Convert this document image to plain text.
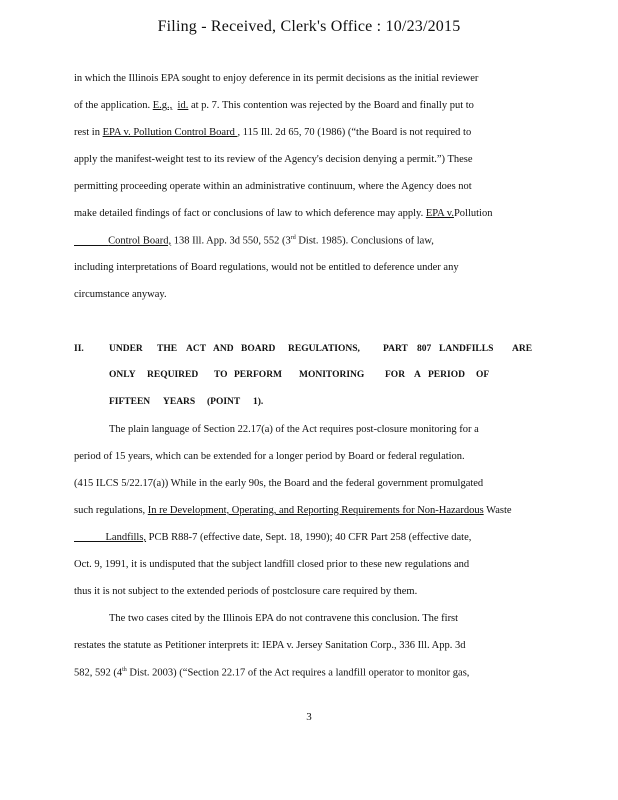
Filing - Received, Clerk's Office : 10/23/2015
in which the Illinois EPA sought to enjoy deference in its permit decisions as the initial reviewer
of the application. E.g., id. at p. 7. This contention was rejected by the Board and finally put to
rest in EPA v. Pollution Control Board , 115 Ill. 2d 65, 70 (1986) (“the Board is not required to
apply the manifest-weight test to its review of the Agency's decision denying a permit.”) These
permitting proceeding operate within an administrative continuum, where the Agency does not
make detailed findings of fact or conclusions of law to which deference may apply. EPA v.Pollution
Control Board, 138 Ill. App. 3d 550, 552 (3rd Dist. 1985). Conclusions of law,
including interpretations of Board regulations, would not be entitled to deference under any
circumstance anyway.
II.	UNDER THE ACT AND BOARD REGULATIONS, PART 807 LANDFILLS ARE
ONLY REQUIRED TO PERFORM MONITORING FOR A PERIOD OF
FIFTEEN YEARS (POINT 1).
The plain language of Section 22.17(a) of the Act requires post-closure monitoring for a
period of 15 years, which can be extended for a longer period by Board or federal regulation.
(415 ILCS 5/22.17(a)) While in the early 90s, the Board and the federal government promulgated
such regulations, In re Development, Operating, and Reporting Requirements for Non-Hazardous Waste
Landfills, PCB R88-7 (effective date, Sept. 18, 1990); 40 CFR Part 258 (effective date,
Oct. 9, 1991, it is undisputed that the subject landfill closed prior to these new regulations and
thus it is not subject to the extended periods of postclosure care required by them.
The two cases cited by the Illinois EPA do not contravene this conclusion. The first
restates the statute as Petitioner interprets it: IEPA v. Jersey Sanitation Corp., 336 Ill. App. 3d
582, 592 (4th Dist. 2003) (“Section 22.17 of the Act requires a landfill operator to monitor gas,
3
